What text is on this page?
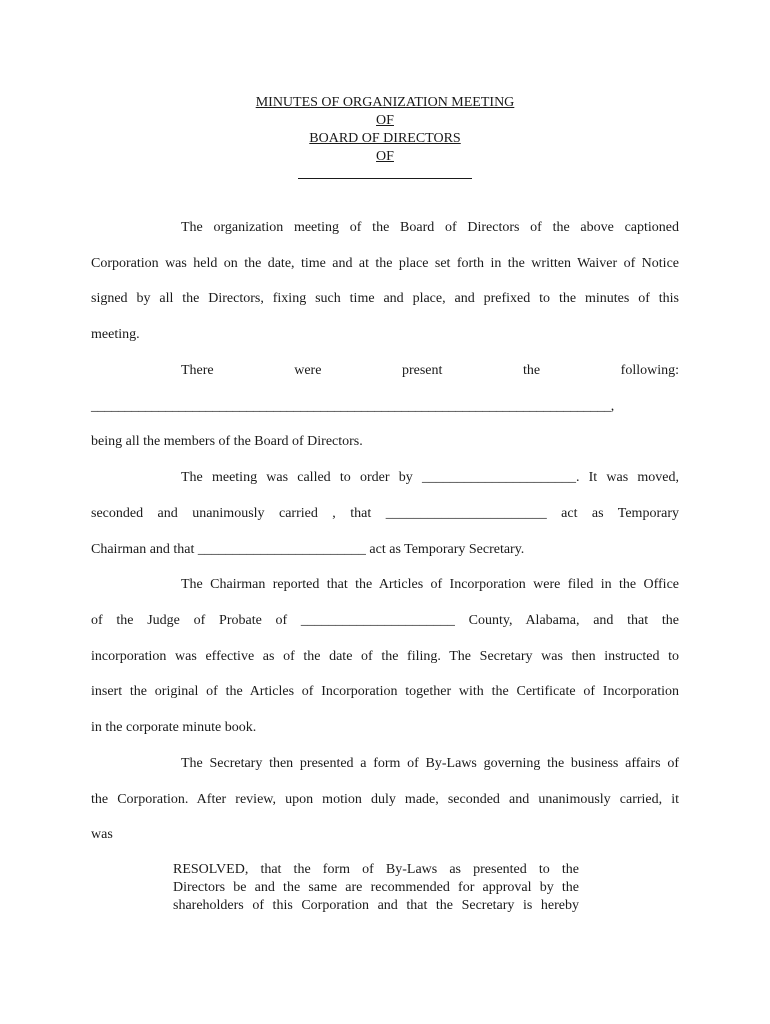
MINUTES OF ORGANIZATION MEETING
OF
BOARD OF DIRECTORS
OF
The organization meeting of the Board of Directors of the above captioned
Corporation was held on the date, time and at the place set forth in the written Waiver of Notice
signed by all the Directors, fixing such time and place, and prefixed to the minutes of this
meeting.
There	were	present	the	following:
_____________________________________________________________________________,
being all the members of the Board of Directors.
The meeting was called to order by ______________________. It was moved,
seconded and unanimously carried , that _______________________ act as Temporary
Chairman and that ________________________ act as Temporary Secretary.
The Chairman reported that the Articles of Incorporation were filed in the Office
of the Judge of Probate of ______________________ County, Alabama, and that the
incorporation was effective as of the date of the filing. The Secretary was then instructed to
insert the original of the Articles of Incorporation together with the Certificate of Incorporation
in the corporate minute book.
The Secretary then presented a form of By-Laws governing the business affairs of
the Corporation. After review, upon motion duly made, seconded and unanimously carried, it
was
RESOLVED, that the form of By-Laws as presented to the
Directors be and the same are recommended for approval by the
shareholders of this Corporation and that the Secretary is hereby
